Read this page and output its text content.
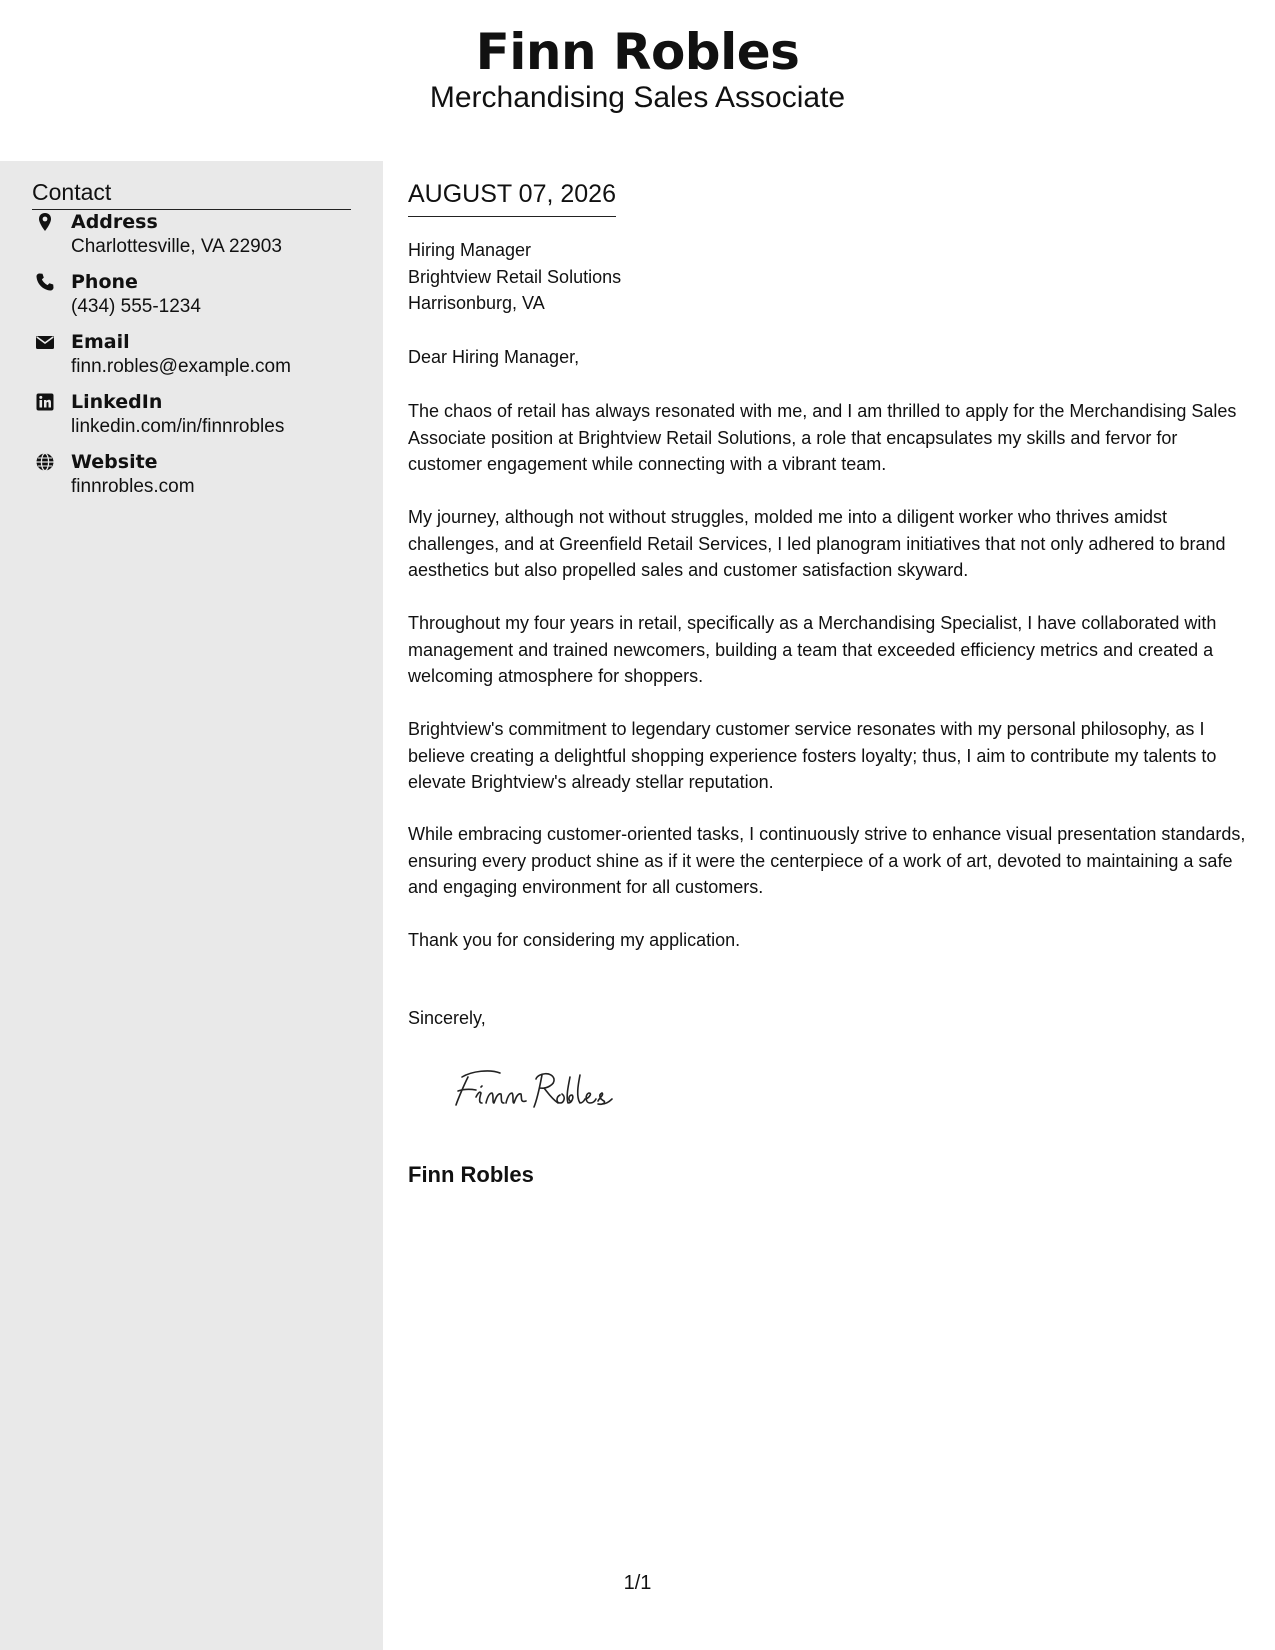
Finn Robles
Merchandising Sales Associate
Contact
Address
Charlottesville, VA 22903
Phone
(434) 555-1234
Email
finn.robles@example.com
LinkedIn
linkedin.com/in/finnrobles
Website
finnrobles.com
AUGUST 07, 2026
Hiring Manager
Brightview Retail Solutions
Harrisonburg, VA
Dear Hiring Manager,

The chaos of retail has always resonated with me, and I am thrilled to apply for the Merchandising Sales Associate position at Brightview Retail Solutions, a role that encapsulates my skills and fervor for customer engagement while connecting with a vibrant team.

My journey, although not without struggles, molded me into a diligent worker who thrives amidst challenges, and at Greenfield Retail Services, I led planogram initiatives that not only adhered to brand aesthetics but also propelled sales and customer satisfaction skyward.

Throughout my four years in retail, specifically as a Merchandising Specialist, I have collaborated with management and trained newcomers, building a team that exceeded efficiency metrics and created a welcoming atmosphere for shoppers.

Brightview's commitment to legendary customer service resonates with my personal philosophy, as I believe creating a delightful shopping experience fosters loyalty; thus, I aim to contribute my talents to elevate Brightview's already stellar reputation.

While embracing customer-oriented tasks, I continuously strive to enhance visual presentation standards, ensuring every product shine as if it were the centerpiece of a work of art, devoted to maintaining a safe and engaging environment for all customers.

Thank you for considering my application.

Sincerely,
Finn Robles
1/1
